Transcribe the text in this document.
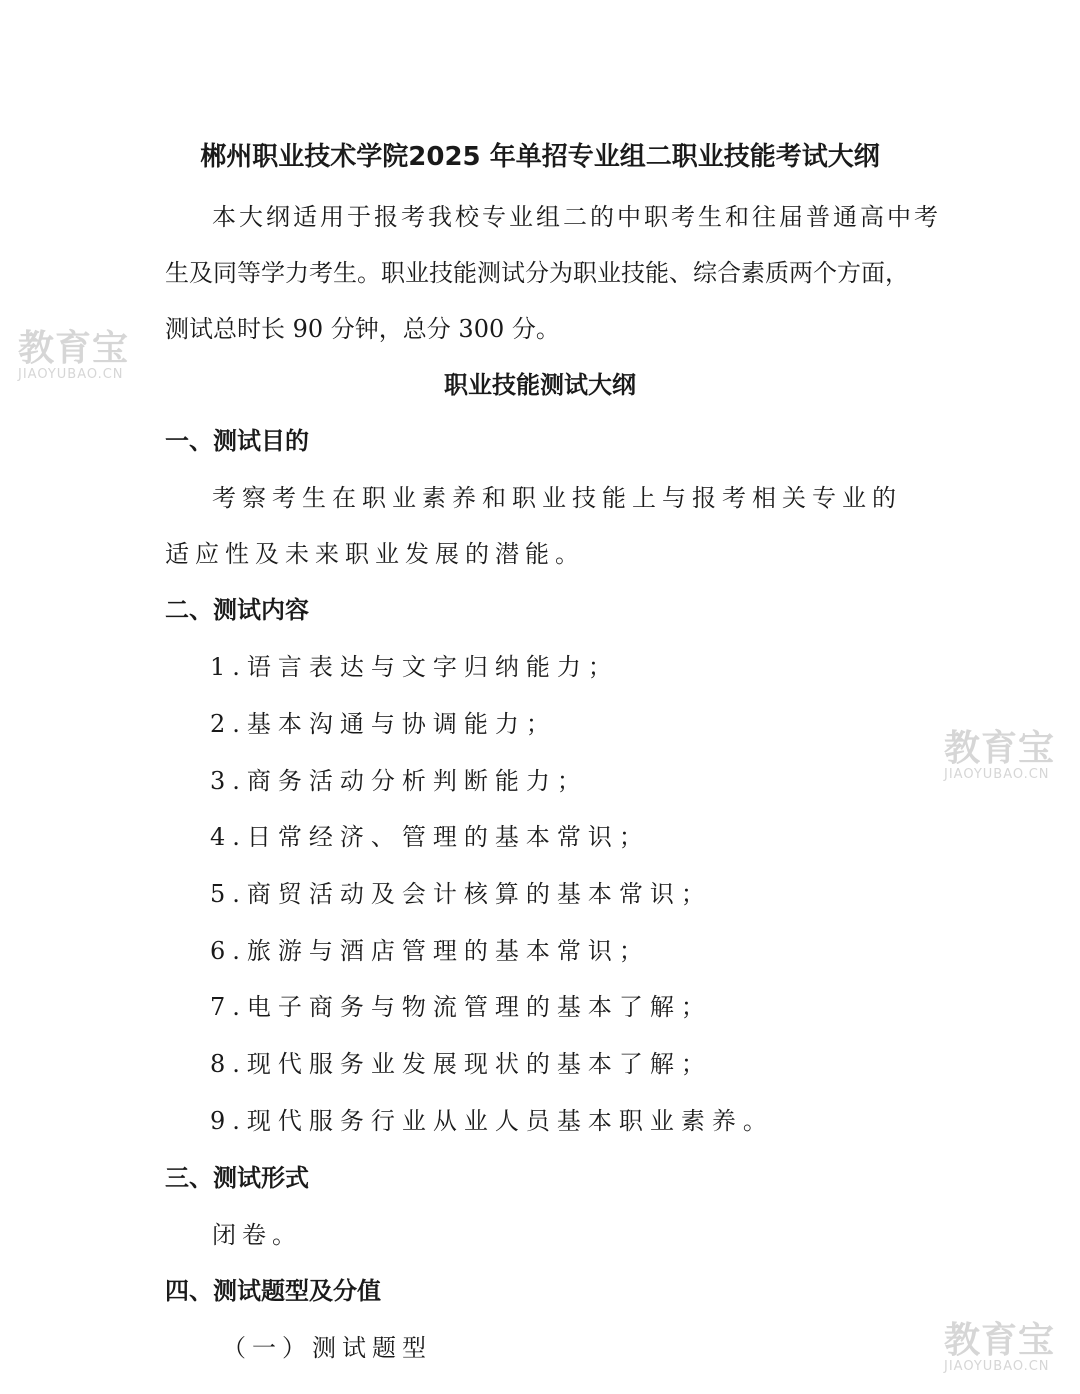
郴州职业技术学院2025 年单招专业组二职业技能考试大纲
本大纲适用于报考我校专业组二的中职考生和往届普通高中考
生及同等学力考生。职业技能测试分为职业技能、综合素质两个方面，
测试总时长 90 分钟，总分 300 分。
职业技能测试大纲
一、测试目的
考察考生在职业素养和职业技能上与报考相关专业的
适应性及未来职业发展的潜能。
二、测试内容
1.语言表达与文字归纳能力；
2.基本沟通与协调能力；
3.商务活动分析判断能力；
4.日常经济、管理的基本常识；
5.商贸活动及会计核算的基本常识；
6.旅游与酒店管理的基本常识；
7.电子商务与物流管理的基本了解；
8.现代服务业发展现状的基本了解；
9.现代服务行业从业人员基本职业素养。
三、测试形式
闭卷。
四、测试题型及分值
（一）测试题型
教育宝
JIAOYUBAO.CN
教育宝
JIAOYUBAO.CN
教育宝
JIAOYUBAO.CN
